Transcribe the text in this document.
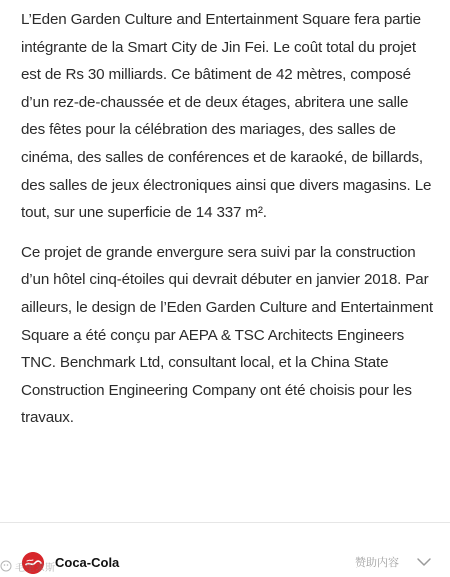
L’Eden Garden Culture and Entertainment Square fera partie intégrante de la Smart City de Jin Fei. Le coût total du projet est de Rs 30 milliards. Ce bâtiment de 42 mètres, composé d’un rez-de-chaussée et de deux étages, abritera une salle des fêtes pour la célébration des mariages, des salles de cinéma, des salles de conférences et de karaoké, de billards, des salles de jeux électroniques ainsi que divers magasins. Le tout, sur une superficie de 14 337 m².

Ce projet de grande envergure sera suivi par la construction d’un hôtel cinq-étoiles qui devrait débuter en janvier 2018. Par ailleurs, le design de l’Eden Garden Culture and Entertainment Square a été conçu par AEPA & TSC Architects Engineers TNC. Benchmark Ltd, consultant local, et la China State Construction Engineering Company ont été choisis pour les travaux.

Coca-Cola	赞助内容
毛里求斯
